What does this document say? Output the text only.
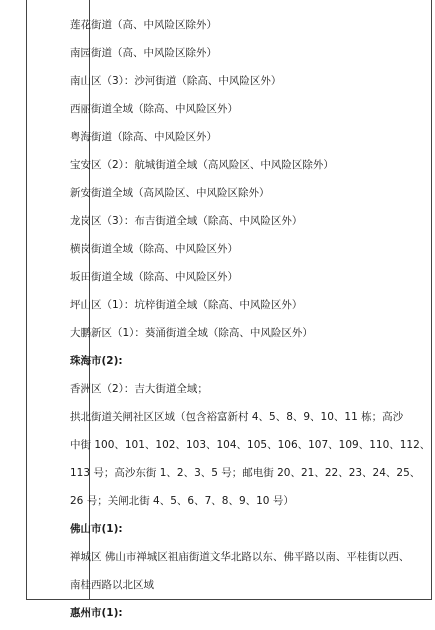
莲花街道（高、中风险区除外）
南园街道（高、中风险区除外）
南山区（3）：沙河街道（除高、中风险区外）
西丽街道全域（除高、中风险区外）
粤海街道（除高、中风险区外）
宝安区（2）：航城街道全域（高风险区、中风险区除外）
新安街道全域（高风险区、中风险区除外）
龙岗区（3）：布吉街道全域（除高、中风险区外）
横岗街道全域（除高、中风险区外）
坂田街道全域（除高、中风险区外）
坪山区（1）：坑梓街道全域（除高、中风险区外）
大鹏新区（1）：葵涌街道全域（除高、中风险区外）
珠海市(2):
香洲区（2）：吉大街道全域；
拱北街道关闸社区区域（包含裕富新村 4、5、8、9、10、11 栋；高沙
中街 100、101、102、103、104、105、106、107、109、110、112、
113 号；高沙东街 1、2、3、5 号；邮电街 20、21、22、23、24、25、
26 号；关闸北街 4、5、6、7、8、9、10 号）
佛山市(1):
禅城区 佛山市禅城区祖庙街道文华北路以东、佛平路以南、平桂街以西、
南桂西路以北区域
惠州市(1):
